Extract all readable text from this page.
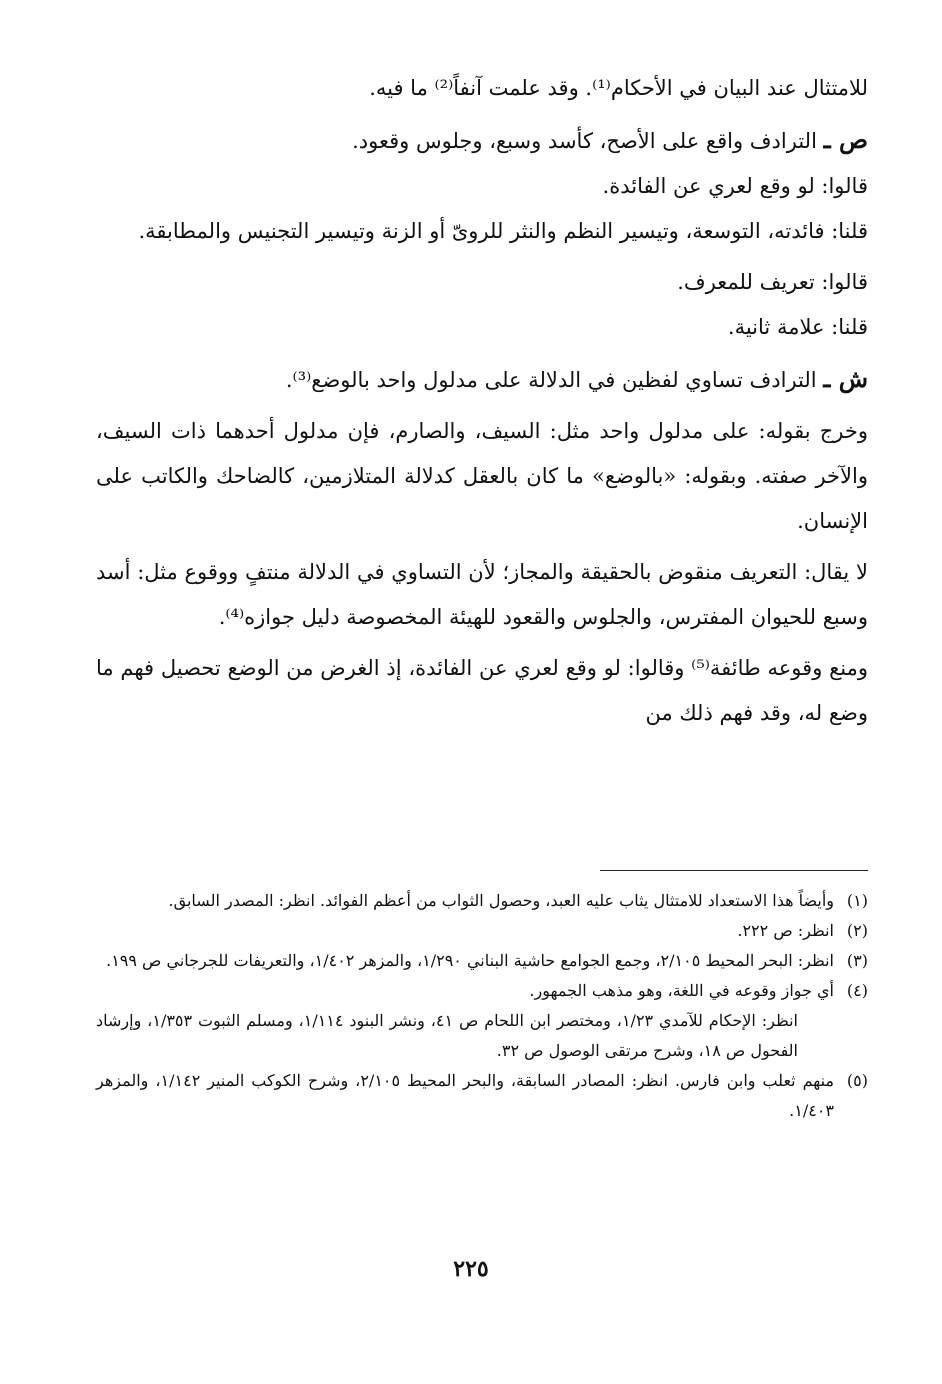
للامتثال عند البيان في الأحكام⁽¹⁾. وقد علمت آنفاً⁽²⁾ ما فيه.

ص ـ الترادف واقع على الأصح، كأسد وسبع، وجلوس وقعود.

قالوا: لو وقع لعري عن الفائدة.

قلنا: فائدته، التوسعة، وتيسير النظم والنثر للروىّ أو الزنة وتيسير التجنيس والمطابقة.

قالوا: تعريف للمعرف.

قلنا: علامة ثانية.

ش ـ الترادف تساوي لفظين في الدلالة على مدلول واحد بالوضع⁽³⁾.

وخرج بقوله: على مدلول واحد مثل: السيف، والصارم، فإن مدلول أحدهما ذات السيف، والآخر صفته. وبقوله: «بالوضع» ما كان بالعقل كدلالة المتلازمين، كالضاحك والكاتب على الإنسان.

لا يقال: التعريف منقوض بالحقيقة والمجاز؛ لأن التساوي في الدلالة منتفٍ ووقوع مثل: أسد وسبع للحيوان المفترس، والجلوس والقعود للهيئة المخصوصة دليل جوازه⁽⁴⁾.

ومنع وقوعه طائفة⁽⁵⁾ وقالوا: لو وقع لعري عن الفائدة، إذ الغرض من الوضع تحصيل فهم ما وضع له، وقد فهم ذلك من

(١)

وأيضاً هذا الاستعداد للامتثال يثاب عليه العبد، وحصول الثواب من أعظم الفوائد. انظر: المصدر السابق.

(٢)

انظر: ص ٢٢٢.

(٣)

انظر: البحر المحيط ٢/١٠٥، وجمع الجوامع حاشية البناني ١/٢٩٠، والمزهر ١/٤٠٢، والتعريفات للجرجاني ص ١٩٩.

(٤)

أي جواز وقوعه في اللغة، وهو مذهب الجمهور.

انظر: الإحكام للآمدي ١/٢٣، ومختصر ابن اللحام ص ٤١، ونشر البنود ١/١١٤، ومسلم الثبوت ١/٣٥٣، وإرشاد الفحول ص ١٨، وشرح مرتقى الوصول ص ٣٢.

(٥)

منهم ثعلب وابن فارس. انظر: المصادر السابقة، والبحر المحيط ٢/١٠٥، وشرح الكوكب المنير ١/١٤٢، والمزهر ١/٤٠٣.

٢٢٥
